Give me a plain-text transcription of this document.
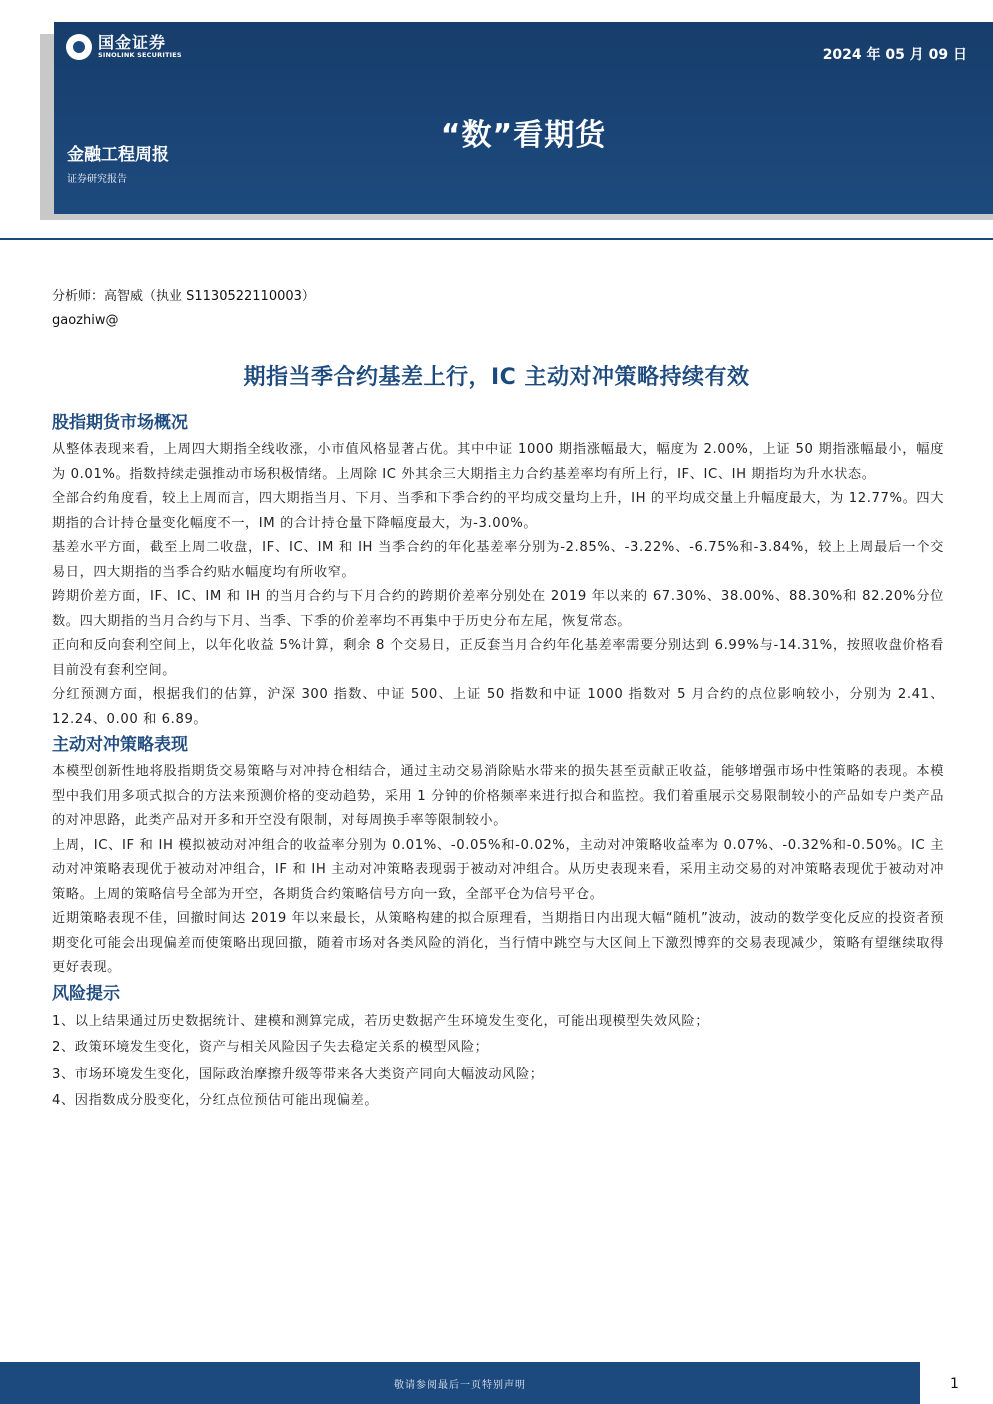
国金证券
SINOLINK SECURITIES	2024 年 05 月 09 日
“数”看期货
金融工程周报
证券研究报告
分析师：高智威（执业 S1130522110003）
gaozhiw@
期指当季合约基差上行，IC 主动对冲策略持续有效
股指期货市场概况

从整体表现来看，上周四大期指全线收涨，小市值风格显著占优。其中中证 1000 期指涨幅最大，幅度为 2.00%，上证 50 期指涨幅最小，幅度为 0.01%。指数持续走强推动市场积极情绪。上周除 IC 外其余三大期指主力合约基差率均有所上行，IF、IC、IH 期指均为升水状态。

全部合约角度看，较上上周而言，四大期指当月、下月、当季和下季合约的平均成交量均上升，IH 的平均成交量上升幅度最大，为 12.77%。四大期指的合计持仓量变化幅度不一，IM 的合计持仓量下降幅度最大，为-3.00%。

基差水平方面，截至上周二收盘，IF、IC、IM 和 IH 当季合约的年化基差率分别为-2.85%、-3.22%、-6.75%和-3.84%，较上上周最后一个交易日，四大期指的当季合约贴水幅度均有所收窄。

跨期价差方面，IF、IC、IM 和 IH 的当月合约与下月合约的跨期价差率分别处在 2019 年以来的 67.30%、38.00%、88.30%和 82.20%分位数。四大期指的当月合约与下月、当季、下季的价差率均不再集中于历史分布左尾，恢复常态。

正向和反向套利空间上，以年化收益 5%计算，剩余 8 个交易日，正反套当月合约年化基差率需要分别达到 6.99%与-14.31%，按照收盘价格看目前没有套利空间。

分红预测方面，根据我们的估算，沪深 300 指数、中证 500、上证 50 指数和中证 1000 指数对 5 月合约的点位影响较小，分别为 2.41、12.24、0.00 和 6.89。

主动对冲策略表现

本模型创新性地将股指期货交易策略与对冲持仓相结合，通过主动交易消除贴水带来的损失甚至贡献正收益，能够增强市场中性策略的表现。本模型中我们用多项式拟合的方法来预测价格的变动趋势，采用 1 分钟的价格频率来进行拟合和监控。我们着重展示交易限制较小的产品如专户类产品的对冲思路，此类产品对开多和开空没有限制，对每周换手率等限制较小。

上周，IC、IF 和 IH 模拟被动对冲组合的收益率分别为 0.01%、-0.05%和-0.02%，主动对冲策略收益率为 0.07%、-0.32%和-0.50%。IC 主动对冲策略表现优于被动对冲组合，IF 和 IH 主动对冲策略表现弱于被动对冲组合。从历史表现来看，采用主动交易的对冲策略表现优于被动对冲策略。上周的策略信号全部为开空，各期货合约策略信号方向一致，全部平仓为信号平仓。

近期策略表现不佳，回撤时间达 2019 年以来最长，从策略构建的拟合原理看，当期指日内出现大幅“随机”波动，波动的数学变化反应的投资者预期变化可能会出现偏差而使策略出现回撤，随着市场对各类风险的消化，当行情中跳空与大区间上下激烈博弈的交易表现减少，策略有望继续取得更好表现。

风险提示

1、以上结果通过历史数据统计、建模和测算完成，若历史数据产生环境发生变化，可能出现模型失效风险；

2、政策环境发生变化，资产与相关风险因子失去稳定关系的模型风险；

3、市场环境发生变化，国际政治摩擦升级等带来各大类资产同向大幅波动风险；

4、因指数成分股变化，分红点位预估可能出现偏差。

敬请参阅最后一页特别声明	1
